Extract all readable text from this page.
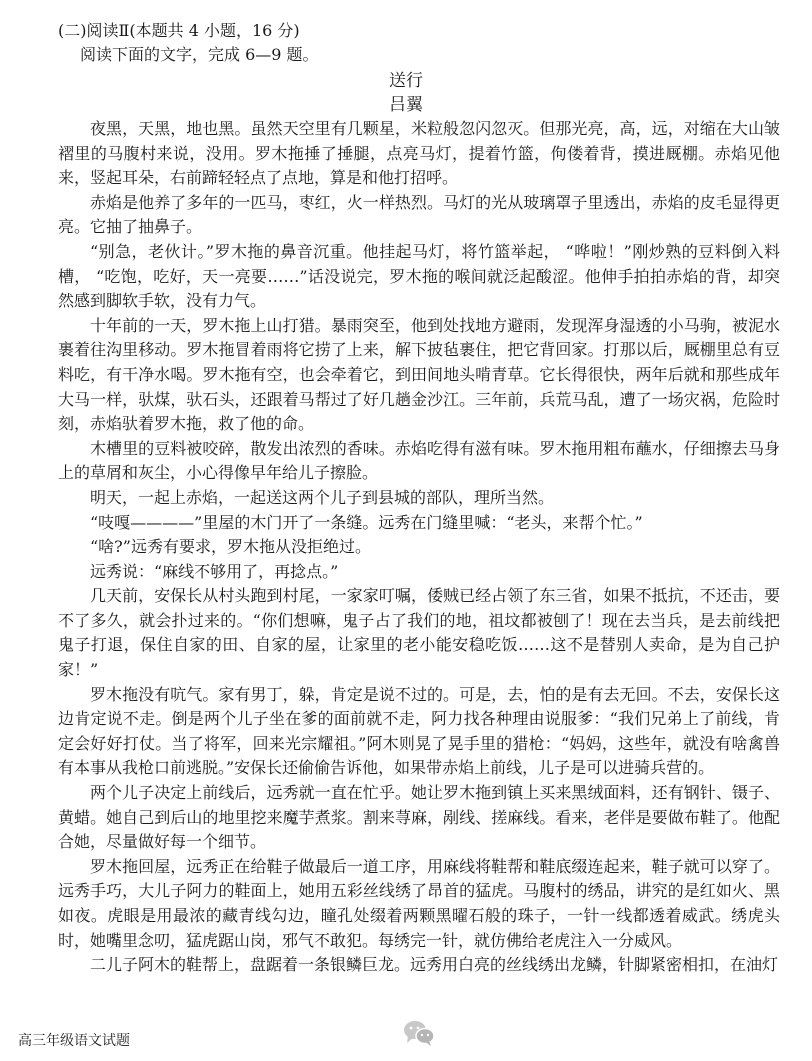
(二)阅读Ⅱ(本题共 4 小题，16 分)
阅读下面的文字，完成 6—9 题。
送行
吕翼

夜黑，天黑，地也黑。虽然天空里有几颗星，米粒般忽闪忽灭。但那光亮，高，远，对缩在大山皱褶里的马腹村来说，没用。罗木拖捶了捶腿，点亮马灯，提着竹篮，佝偻着背，摸进厩棚。赤焰见他来，竖起耳朵，右前蹄轻轻点了点地，算是和他打招呼。

赤焰是他养了多年的一匹马，枣红，火一样热烈。马灯的光从玻璃罩子里透出，赤焰的皮毛显得更亮。它抽了抽鼻子。

“别急，老伙计。”罗木拖的鼻音沉重。他挂起马灯，将竹篮举起， “哗啦！”刚炒熟的豆料倒入料槽， “吃饱，吃好，天一亮要……”话没说完，罗木拖的喉间就泛起酸涩。他伸手拍拍赤焰的背，却突然感到脚软手软，没有力气。

十年前的一天，罗木拖上山打猎。暴雨突至，他到处找地方避雨，发现浑身湿透的小马驹，被泥水裹着往沟里移动。罗木拖冒着雨将它捞了上来，解下披毡裹住，把它背回家。打那以后，厩棚里总有豆料吃，有干净水喝。罗木拖有空，也会牵着它，到田间地头啃青草。它长得很快，两年后就和那些成年大马一样，驮煤，驮石头，还跟着马帮过了好几趟金沙江。三年前，兵荒马乱，遭了一场灾祸，危险时刻，赤焰驮着罗木拖，救了他的命。

木槽里的豆料被咬碎，散发出浓烈的香味。赤焰吃得有滋有味。罗木拖用粗布蘸水，仔细擦去马身上的草屑和灰尘，小心得像早年给儿子擦脸。

明天，一起上赤焰，一起送这两个儿子到县城的部队，理所当然。

“吱嘎————”里屋的木门开了一条缝。远秀在门缝里喊：“老头，来帮个忙。”

“啥?”远秀有要求，罗木拖从没拒绝过。

远秀说：“麻线不够用了，再捻点。”

几天前，安保长从村头跑到村尾，一家家叮嘱，倭贼已经占领了东三省，如果不抵抗，不还击，要不了多久，就会扑过来的。“你们想嘛，鬼子占了我们的地，祖坟都被刨了！现在去当兵，是去前线把鬼子打退，保住自家的田、自家的屋，让家里的老小能安稳吃饭……这不是替别人卖命，是为自己护家！”

罗木拖没有吭气。家有男丁，躲，肯定是说不过的。可是，去，怕的是有去无回。不去，安保长这边肯定说不走。倒是两个儿子坐在爹的面前就不走，阿力找各种理由说服爹：“我们兄弟上了前线，肯定会好好打仗。当了将军，回来光宗耀祖。”阿木则晃了晃手里的猎枪：“妈妈，这些年，就没有啥禽兽有本事从我枪口前逃脱。”安保长还偷偷告诉他，如果带赤焰上前线，儿子是可以进骑兵营的。

两个儿子决定上前线后，远秀就一直在忙乎。她让罗木拖到镇上买来黑绒面料，还有钢针、镊子、黄蜡。她自己到后山的地里挖来魔芋煮浆。割来荨麻，剐线、搓麻线。看来，老伴是要做布鞋了。他配合她，尽量做好每一个细节。

罗木拖回屋，远秀正在给鞋子做最后一道工序，用麻线将鞋帮和鞋底缀连起来，鞋子就可以穿了。远秀手巧，大儿子阿力的鞋面上，她用五彩丝线绣了昂首的猛虎。马腹村的绣品，讲究的是红如火、黑如夜。虎眼是用最浓的藏青线勾边，瞳孔处缀着两颗黑曜石般的珠子，一针一线都透着威武。绣虎头时，她嘴里念叨，猛虎踞山岗，邪气不敢犯。每绣完一针，就仿佛给老虎注入一分威风。

二儿子阿木的鞋帮上，盘踞着一条银鳞巨龙。远秀用白亮的丝线绣出龙鳞，针脚紧密相扣，在油灯

高三年级语文试题
